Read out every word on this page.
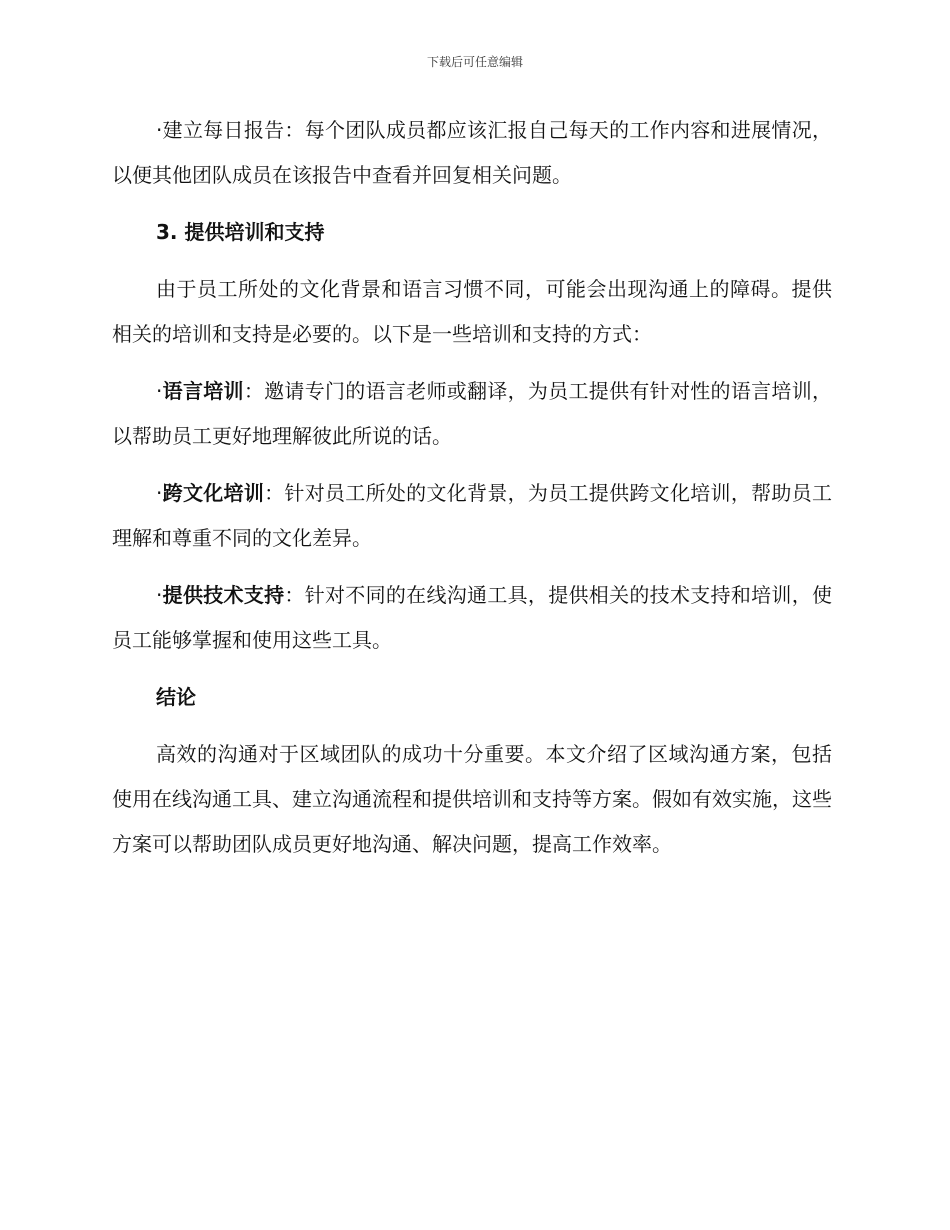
下载后可任意编辑

·建立每日报告：每个团队成员都应该汇报自己每天的工作内容和进展情况，以便其他团队成员在该报告中查看并回复相关问题。

3. 提供培训和支持

由于员工所处的文化背景和语言习惯不同，可能会出现沟通上的障碍。提供相关的培训和支持是必要的。以下是一些培训和支持的方式：

·语言培训：邀请专门的语言老师或翻译，为员工提供有针对性的语言培训，以帮助员工更好地理解彼此所说的话。

·跨文化培训：针对员工所处的文化背景，为员工提供跨文化培训，帮助员工理解和尊重不同的文化差异。

·提供技术支持：针对不同的在线沟通工具，提供相关的技术支持和培训，使员工能够掌握和使用这些工具。

结论

高效的沟通对于区域团队的成功十分重要。本文介绍了区域沟通方案，包括使用在线沟通工具、建立沟通流程和提供培训和支持等方案。假如有效实施，这些方案可以帮助团队成员更好地沟通、解决问题，提高工作效率。
